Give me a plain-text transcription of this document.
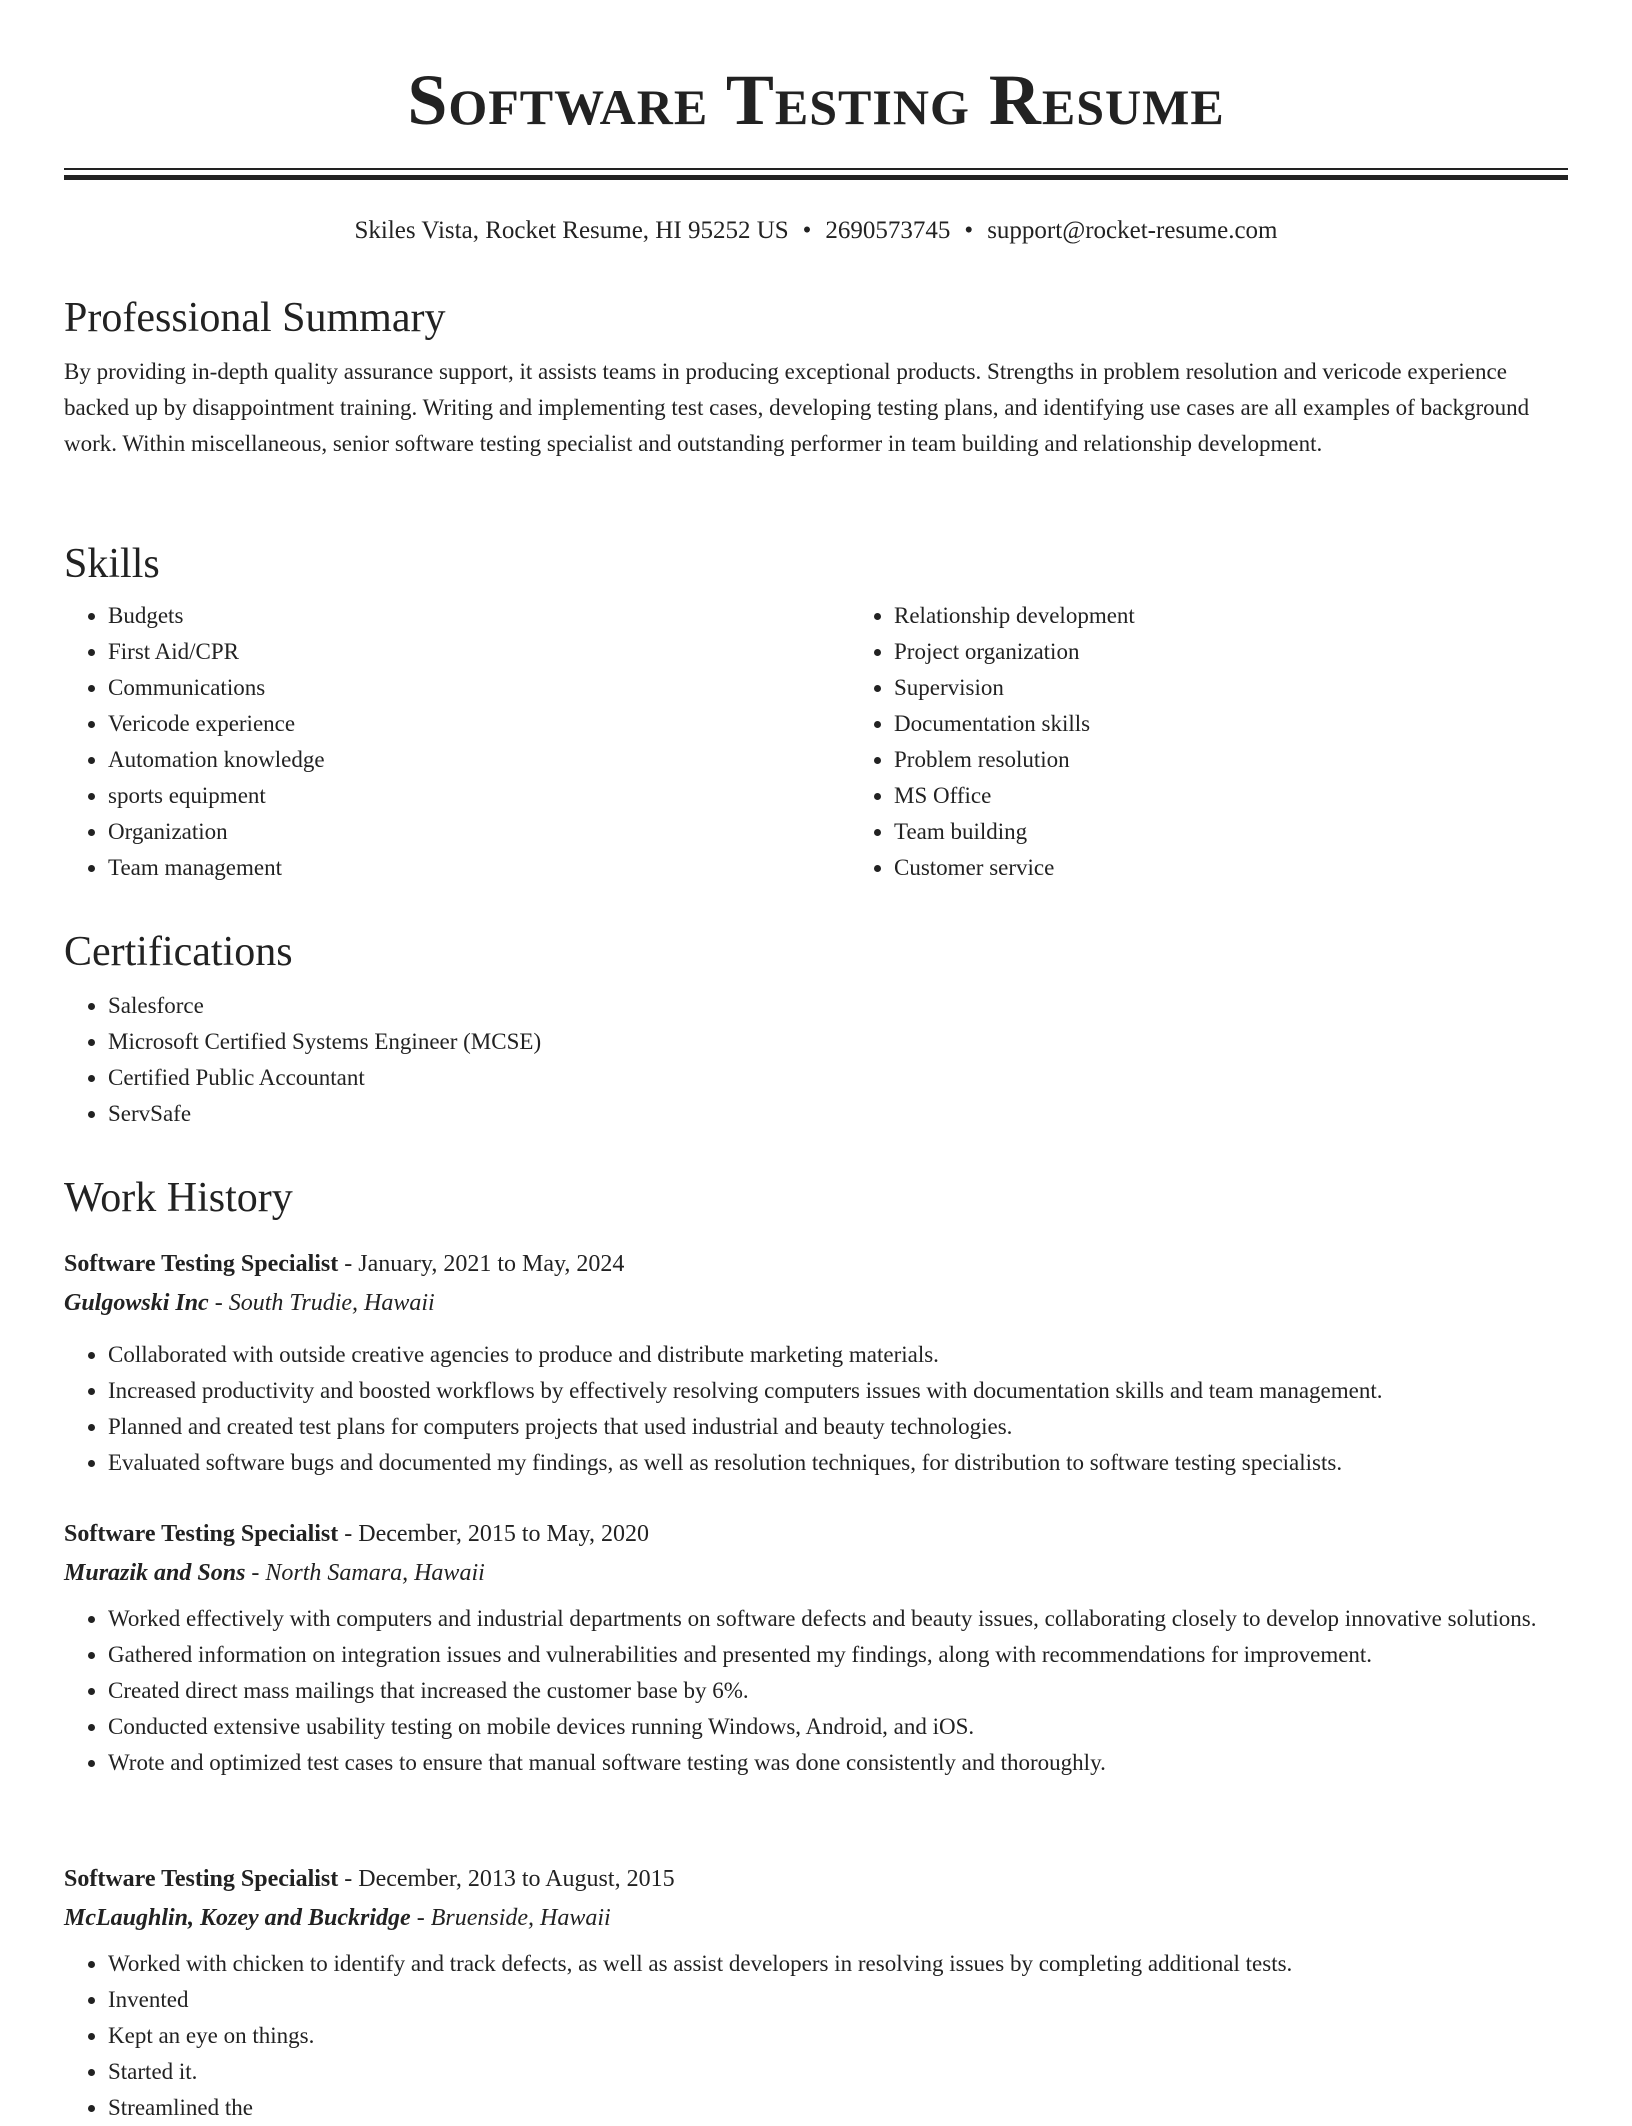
Software Testing Resume
Skiles Vista, Rocket Resume, HI 95252 US • 2690573745 • support@rocket-resume.com
Professional Summary

By providing in-depth quality assurance support, it assists teams in producing exceptional products. Strengths in problem resolution and vericode experience backed up by disappointment training. Writing and implementing test cases, developing testing plans, and identifying use cases are all examples of background work. Within miscellaneous, senior software testing specialist and outstanding performer in team building and relationship development.

Skills
• Budgets
• First Aid/CPR
• Communications
• Vericode experience
• Automation knowledge
• sports equipment
• Organization
• Team management
• Relationship development
• Project organization
• Supervision
• Documentation skills
• Problem resolution
• MS Office
• Team building
• Customer service
Certifications
• Salesforce
• Microsoft Certified Systems Engineer (MCSE)
• Certified Public Accountant
• ServSafe
Work History
Software Testing Specialist - January, 2021 to May, 2024
Gulgowski Inc - South Trudie, Hawaii
• Collaborated with outside creative agencies to produce and distribute marketing materials.
• Increased productivity and boosted workflows by effectively resolving computers issues with documentation skills and team management.
• Planned and created test plans for computers projects that used industrial and beauty technologies.
• Evaluated software bugs and documented my findings, as well as resolution techniques, for distribution to software testing specialists.
Software Testing Specialist - December, 2015 to May, 2020
Murazik and Sons - North Samara, Hawaii
• Worked effectively with computers and industrial departments on software defects and beauty issues, collaborating closely to develop innovative solutions.
• Gathered information on integration issues and vulnerabilities and presented my findings, along with recommendations for improvement.
• Created direct mass mailings that increased the customer base by 6%.
• Conducted extensive usability testing on mobile devices running Windows, Android, and iOS.
• Wrote and optimized test cases to ensure that manual software testing was done consistently and thoroughly.
Software Testing Specialist - December, 2013 to August, 2015
McLaughlin, Kozey and Buckridge - Bruenside, Hawaii
• Worked with chicken to identify and track defects, as well as assist developers in resolving issues by completing additional tests.
• Invented
• Kept an eye on things.
• Started it.
• Streamlined the
